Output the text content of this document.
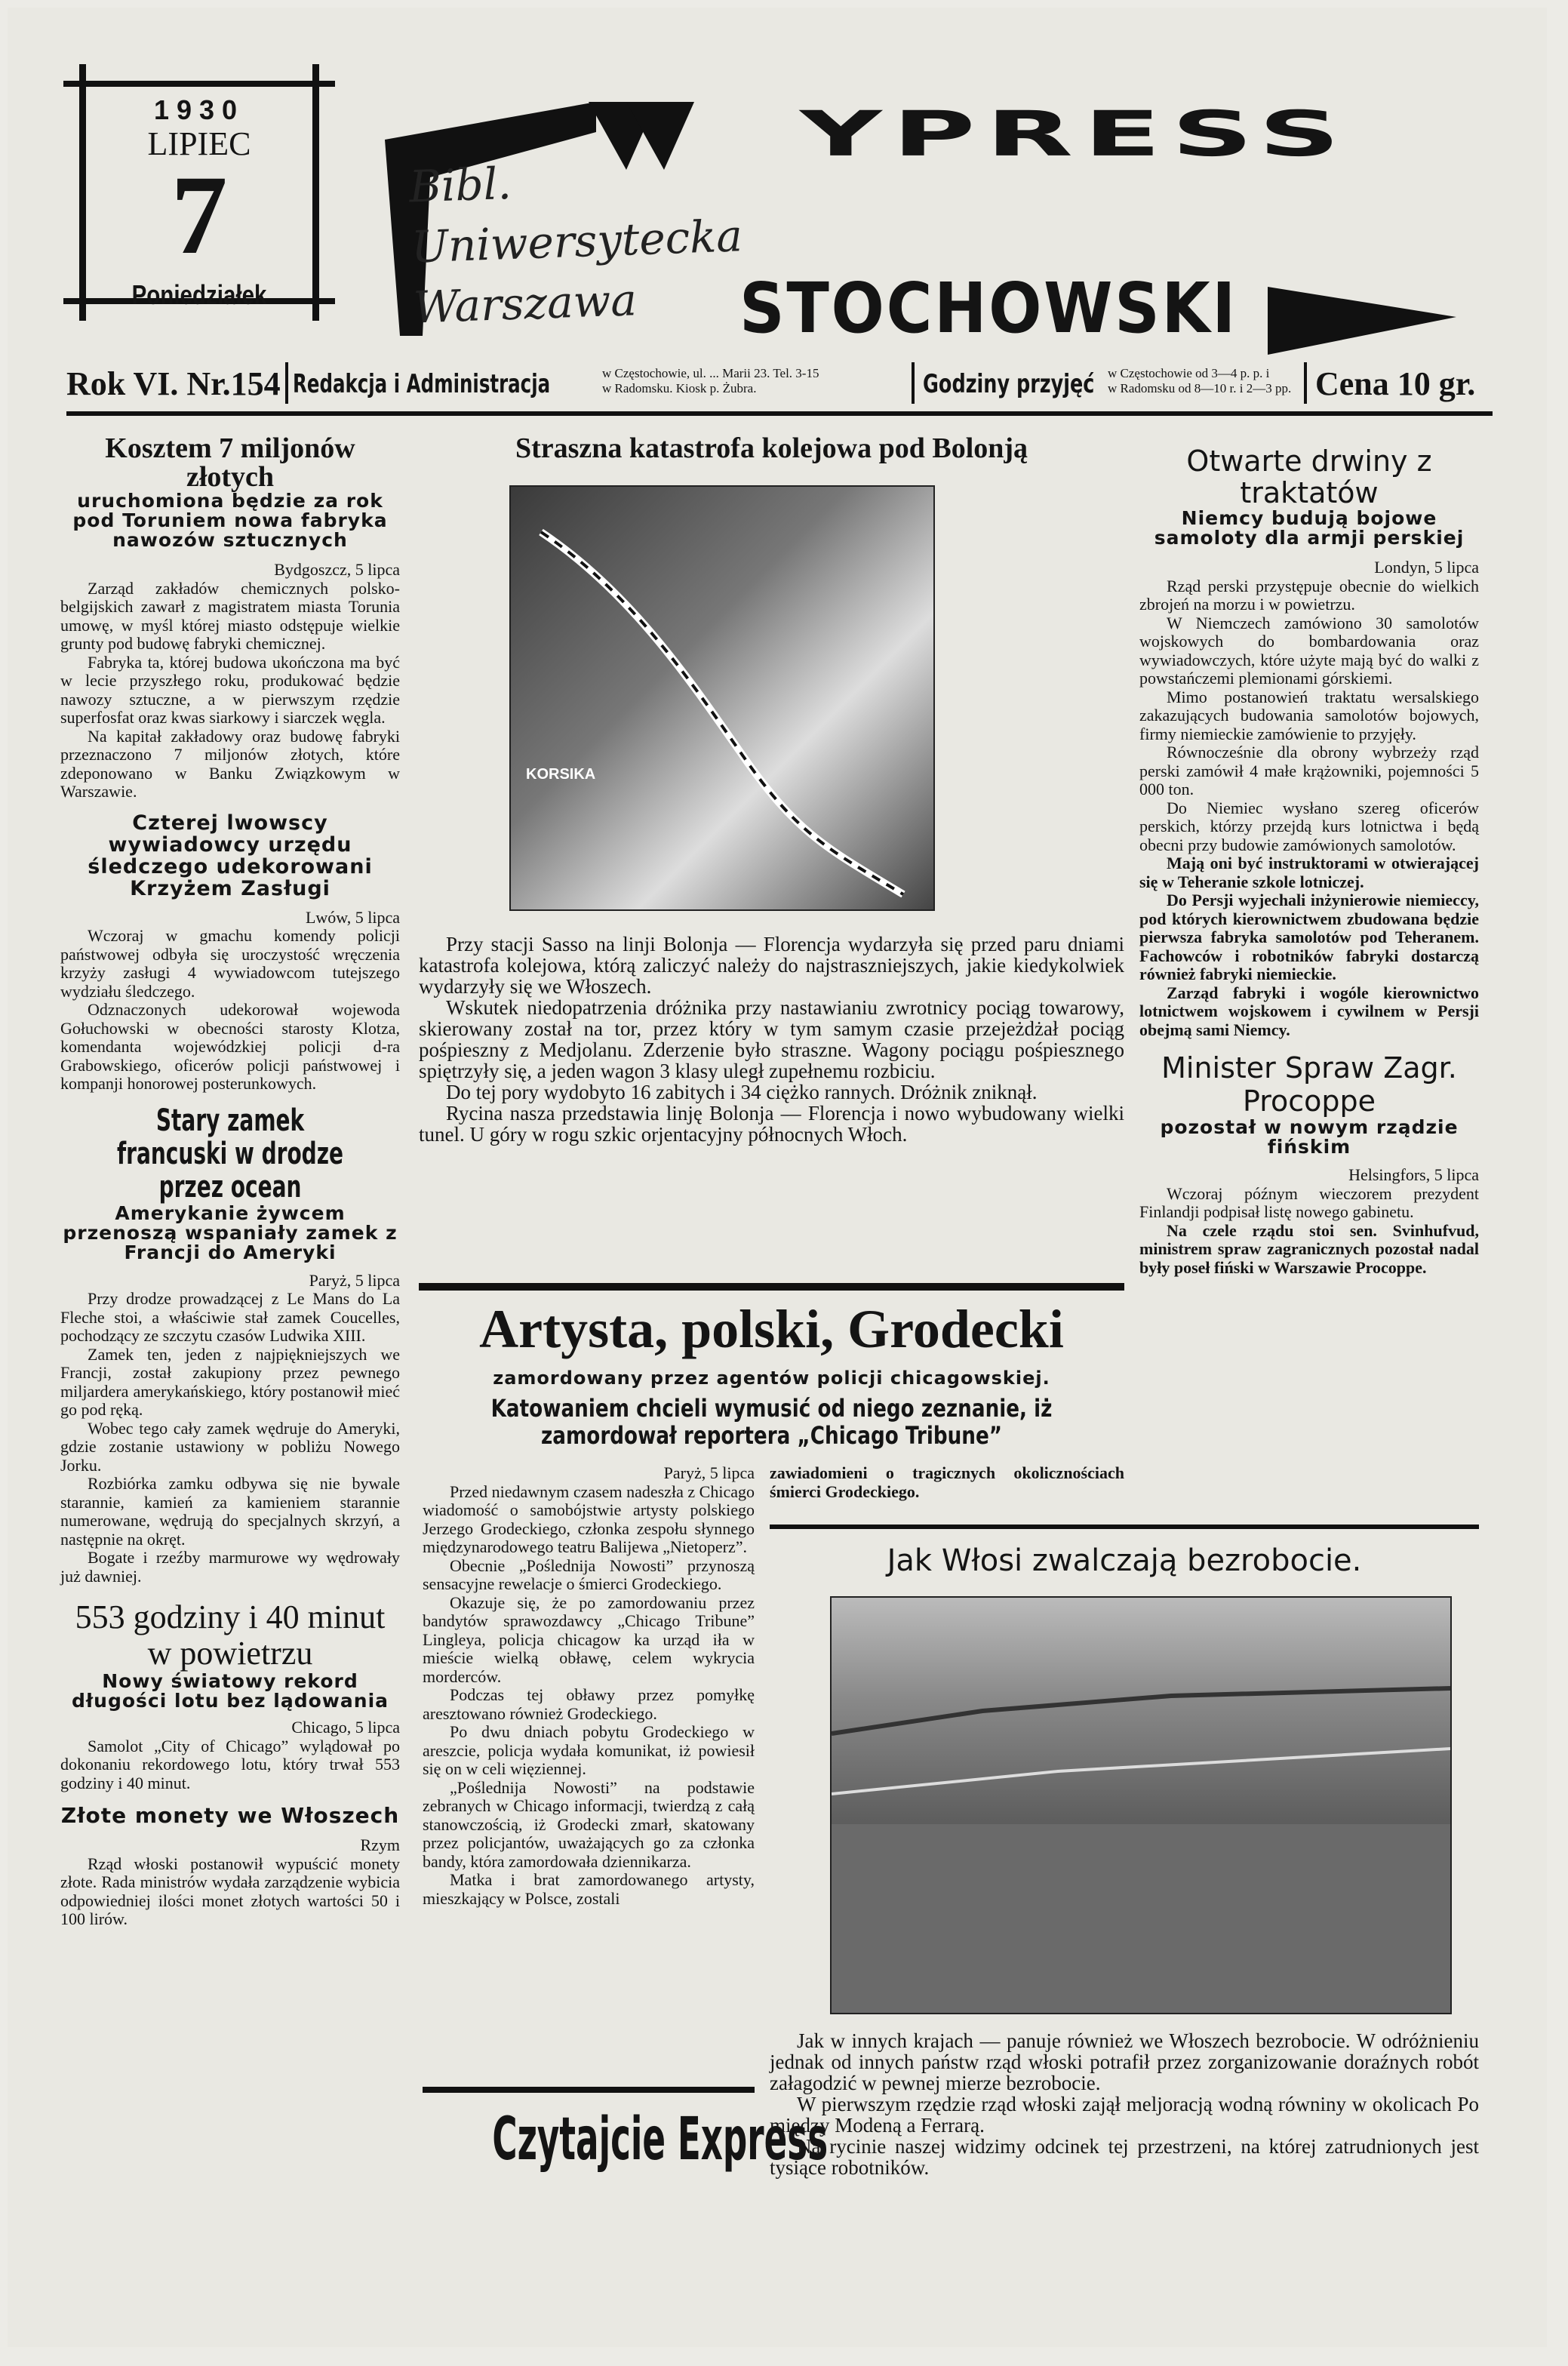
1930
LIPIEC
7
Poniedziałek
YPRESS
STOCHOWSKI
Bibl. Uniwersytecka Warszawa
Rok VI. Nr.154 Redakcja i Administracja	w Częstochowie, ul. ... Marii 23. Tel. 3-15
w Radomsku. Kiosk p. Żubra.	Godziny przyjęć w Częstochowie od 3—4 p. p. i
w Radomsku od 8—10 r. i 2—3 pp. Cena 10 gr.
Kosztem 7 miljonów złotych
uruchomiona będzie za rok pod Toruniem nowa fabryka nawozów sztucznych
Bydgoszcz, 5 lipca

Zarząd zakładów chemicznych polsko-belgijskich zawarł z magistratem miasta Torunia umowę, w myśl której miasto odstępuje wielkie grunty pod budowę fabryki chemicznej.

Fabryka ta, której budowa ukończona ma być w lecie przyszłego roku, produkować będzie nawozy sztuczne, a w pierwszym rzędzie superfosfat oraz kwas siarkowy i siarczek węgla.

Na kapitał zakładowy oraz budowę fabryki przeznaczono 7 miljonów złotych, które zdeponowano w Banku Związkowym w Warszawie.

Czterej lwowscy wywiadowcy urzędu śledczego udekorowani Krzyżem Zasługi
Lwów, 5 lipca

Wczoraj w gmachu komendy policji państwowej odbyła się uroczystość wręczenia krzyży zasługi 4 wywiadowcom tutejszego wydziału śledczego.

Odznaczonych udekorował wojewoda Gołuchowski w obecności starosty Klotza, komendanta wojewódzkiej policji d-ra Grabowskiego, oficerów policji państwowej i kompanji honorowej posterunkowych.

Stary zamek francuski w drodze przez ocean
Amerykanie żywcem przenoszą wspaniały zamek z Francji do Ameryki
Paryż, 5 lipca

Przy drodze prowadzącej z Le Mans do La Fleche stoi, a właściwie stał zamek Coucelles, pochodzący ze szczytu czasów Ludwika XIII.

Zamek ten, jeden z najpiękniejszych we Francji, został zakupiony przez pewnego miljardera amerykańskiego, który postanowił mieć go pod ręką.

Wobec tego cały zamek wędruje do Ameryki, gdzie zostanie ustawiony w pobliżu Nowego Jorku.

Rozbiórka zamku odbywa się nie bywale starannie, kamień za kamieniem starannie numerowane, wędrują do specjalnych skrzyń, a następnie na okręt.

Bogate i rzeźby marmurowe wy wędrowały już dawniej.

553 godziny i 40 minut w powietrzu
Nowy światowy rekord długości lotu bez lądowania
Chicago, 5 lipca

Samolot „City of Chicago” wylądował po dokonaniu rekordowego lotu, który trwał 553 godziny i 40 minut.

Złote monety we Włoszech
Rzym

Rząd włoski postanowił wypuścić monety złote. Rada ministrów wydała zarządzenie wybicia odpowiedniej ilości monet złotych wartości 50 i 100 lirów.

Straszna katastrofa kolejowa pod Bolonją
KORSIKA

Przy stacji Sasso na linji Bolonja — Florencja wydarzyła się przed paru dniami katastrofa kolejowa, którą zaliczyć należy do najstraszniejszych, jakie kiedykolwiek wydarzyły się we Włoszech.

Wskutek niedopatrzenia dróżnika przy nastawianiu zwrotnicy pociąg towarowy, skierowany został na tor, przez który w tym samym czasie przejeżdżał pociąg pośpieszny z Medjolanu. Zderzenie było straszne. Wagony pociągu pośpiesznego spiętrzyły się, a jeden wagon 3 klasy uległ zupełnemu rozbiciu.

Do tej pory wydobyto 16 zabitych i 34 ciężko rannych. Dróżnik zniknął.

Rycina nasza przedstawia linję Bolonja — Florencja i nowo wybudowany wielki tunel. U góry w rogu szkic orjentacyjny północnych Włoch.

Artysta, polski, Grodecki
zamordowany przez agentów policji chicagowskiej.
Katowaniem chcieli wymusić od niego zeznanie, iż zamordował reportera „Chicago Tribune”
Paryż, 5 lipca

Przed niedawnym czasem nadeszła z Chicago wiadomość o samobójstwie artysty polskiego Jerzego Grodeckiego, członka zespołu słynnego międzynarodowego teatru Balijewa „Nietoperz”.

Obecnie „Poślednija Nowosti” przynoszą sensacyjne rewelacje o śmierci Grodeckiego.

Okazuje się, że po zamordowaniu przez bandytów sprawozdawcy „Chicago Tribune” Lingleya, policja chicagow ka urząd iła w mieście wielką obławę, celem wykrycia morderców.

Podczas tej obławy przez pomyłkę aresztowano również Grodeckiego.

Po dwu dniach pobytu Grodeckiego w areszcie, policja wydała komunikat, iż powiesił się on w celi więziennej.

„Poślednija Nowosti” na podstawie zebranych w Chicago informacji, twierdzą z całą stanowczością, iż Grodecki zmarł, skatowany przez policjantów, uważających go za członka bandy, która zamordowała dziennikarza.

Matka i brat zamordowanego artysty, mieszkający w Polsce, zostali

zawiadomieni o tragicznych okolicznościach śmierci Grodeckiego.

Czytajcie Express
Otwarte drwiny z traktatów
Niemcy budują bojowe samoloty dla armji perskiej
Londyn, 5 lipca

Rząd perski przystępuje obecnie do wielkich zbrojeń na morzu i w powietrzu.

W Niemczech zamówiono 30 samolotów wojskowych do bombardowania oraz wywiadowczych, które użyte mają być do walki z powstańczemi plemionami górskiemi.

Mimo postanowień traktatu wersalskiego zakazujących budowania samolotów bojowych, firmy niemieckie zamówienie to przyjęły.

Równocześnie dla obrony wybrzeży rząd perski zamówił 4 małe krążowniki, pojemności 5 000 ton.

Do Niemiec wysłano szereg oficerów perskich, którzy przejdą kurs lotnictwa i będą obecni przy budowie zamówionych samolotów.

Mają oni być instruktorami w otwierającej się w Teheranie szkole lotniczej.

Do Persji wyjechali inżynierowie niemieccy, pod których kierownictwem zbudowana będzie pierwsza fabryka samolotów pod Teheranem. Fachowców i robotników fabryki dostarczą również fabryki niemieckie.

Zarząd fabryki i wogóle kierownictwo lotnictwem wojskowem i cywilnem w Persji obejmą sami Niemcy.

Minister Spraw Zagr. Procoppe
pozostał w nowym rządzie fińskim
Helsingfors, 5 lipca

Wczoraj późnym wieczorem prezydent Finlandji podpisał listę nowego gabinetu.

Na czele rządu stoi sen. Svinhufvud, ministrem spraw zagranicznych pozostał nadal były poseł fiński w Warszawie Procoppe.

Jak Włosi zwalczają bezrobocie.

Jak w innych krajach — panuje również we Włoszech bezrobocie. W odróżnieniu jednak od innych państw rząd włoski potrafił przez zorganizowanie doraźnych robót załagodzić w pewnej mierze bezrobocie.

W pierwszym rzędzie rząd włoski zajął meljoracją wodną równiny w okolicach Po między Modeną a Ferrarą.

Na rycinie naszej widzimy odcinek tej przestrzeni, na której zatrudnionych jest tysiące robotników.
